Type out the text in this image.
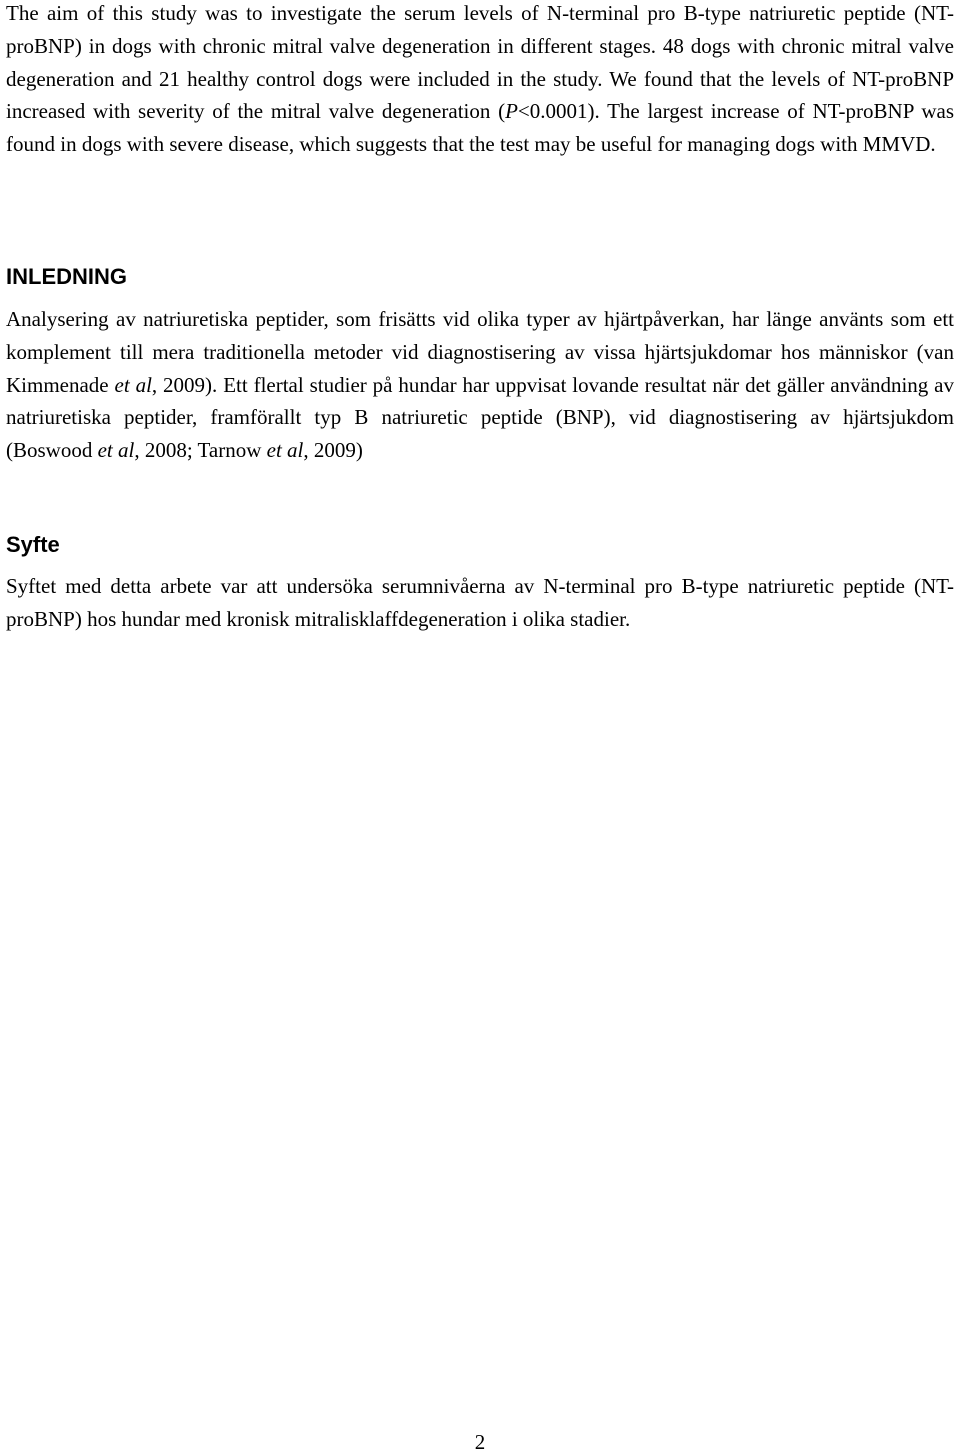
The aim of this study was to investigate the serum levels of N-terminal pro B-type natriuretic peptide (NT-proBNP) in dogs with chronic mitral valve degeneration in different stages. 48 dogs with chronic mitral valve degeneration and 21 healthy control dogs were included in the study. We found that the levels of NT-proBNP increased with severity of the mitral valve degeneration (P<0.0001). The largest increase of NT-proBNP was found in dogs with severe disease, which suggests that the test may be useful for managing dogs with MMVD.

INLEDNING

Analysering av natriuretiska peptider, som frisätts vid olika typer av hjärtpåverkan, har länge använts som ett komplement till mera traditionella metoder vid diagnostisering av vissa hjärtsjukdomar hos människor (van Kimmenade et al, 2009). Ett flertal studier på hundar har uppvisat lovande resultat när det gäller användning av natriuretiska peptider, framförallt typ B natriuretic peptide (BNP), vid diagnostisering av hjärtsjukdom (Boswood et al, 2008; Tarnow et al, 2009)

Syfte

Syftet med detta arbete var att undersöka serumnivåerna av N-terminal pro B-type natriuretic peptide (NT-proBNP) hos hundar med kronisk mitralisklaffdegeneration i olika stadier.

2
